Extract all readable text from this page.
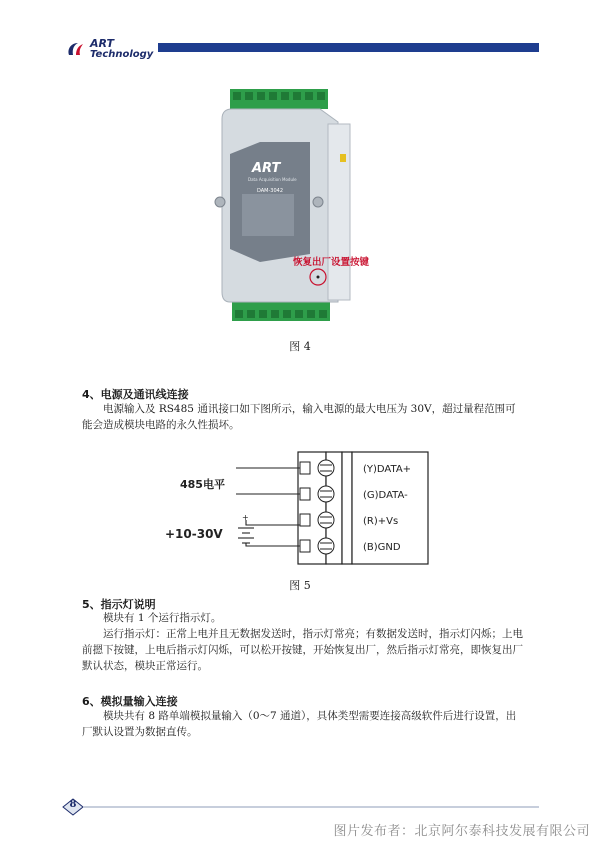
ART
Technology
ART
Data Acquisition Module
DAM-3042
恢复出厂设置按键
图 4
4、电源及通讯线连接

电源输入及 RS485 通讯接口如下图所示，输入电源的最大电压为 30V，超过量程范围可能会造成模块电路的永久性损坏。

(Y)DATA+
(G)DATA-
(R)+Vs
(B)GND
+
485电平
+10-30V
图 5
5、指示灯说明

模块有 1 个运行指示灯。

运行指示灯：正常上电并且无数据发送时，指示灯常亮；有数据发送时，指示灯闪烁；上电前摁下按键，上电后指示灯闪烁，可以松开按键，开始恢复出厂，然后指示灯常亮，即恢复出厂默认状态，模块正常运行。

6、模拟量输入连接

模块共有 8 路单端模拟量输入（0～7 通道），具体类型需要连接高级软件后进行设置，出厂默认设置为数据直传。

8
图片发布者：北京阿尔泰科技发展有限公司
